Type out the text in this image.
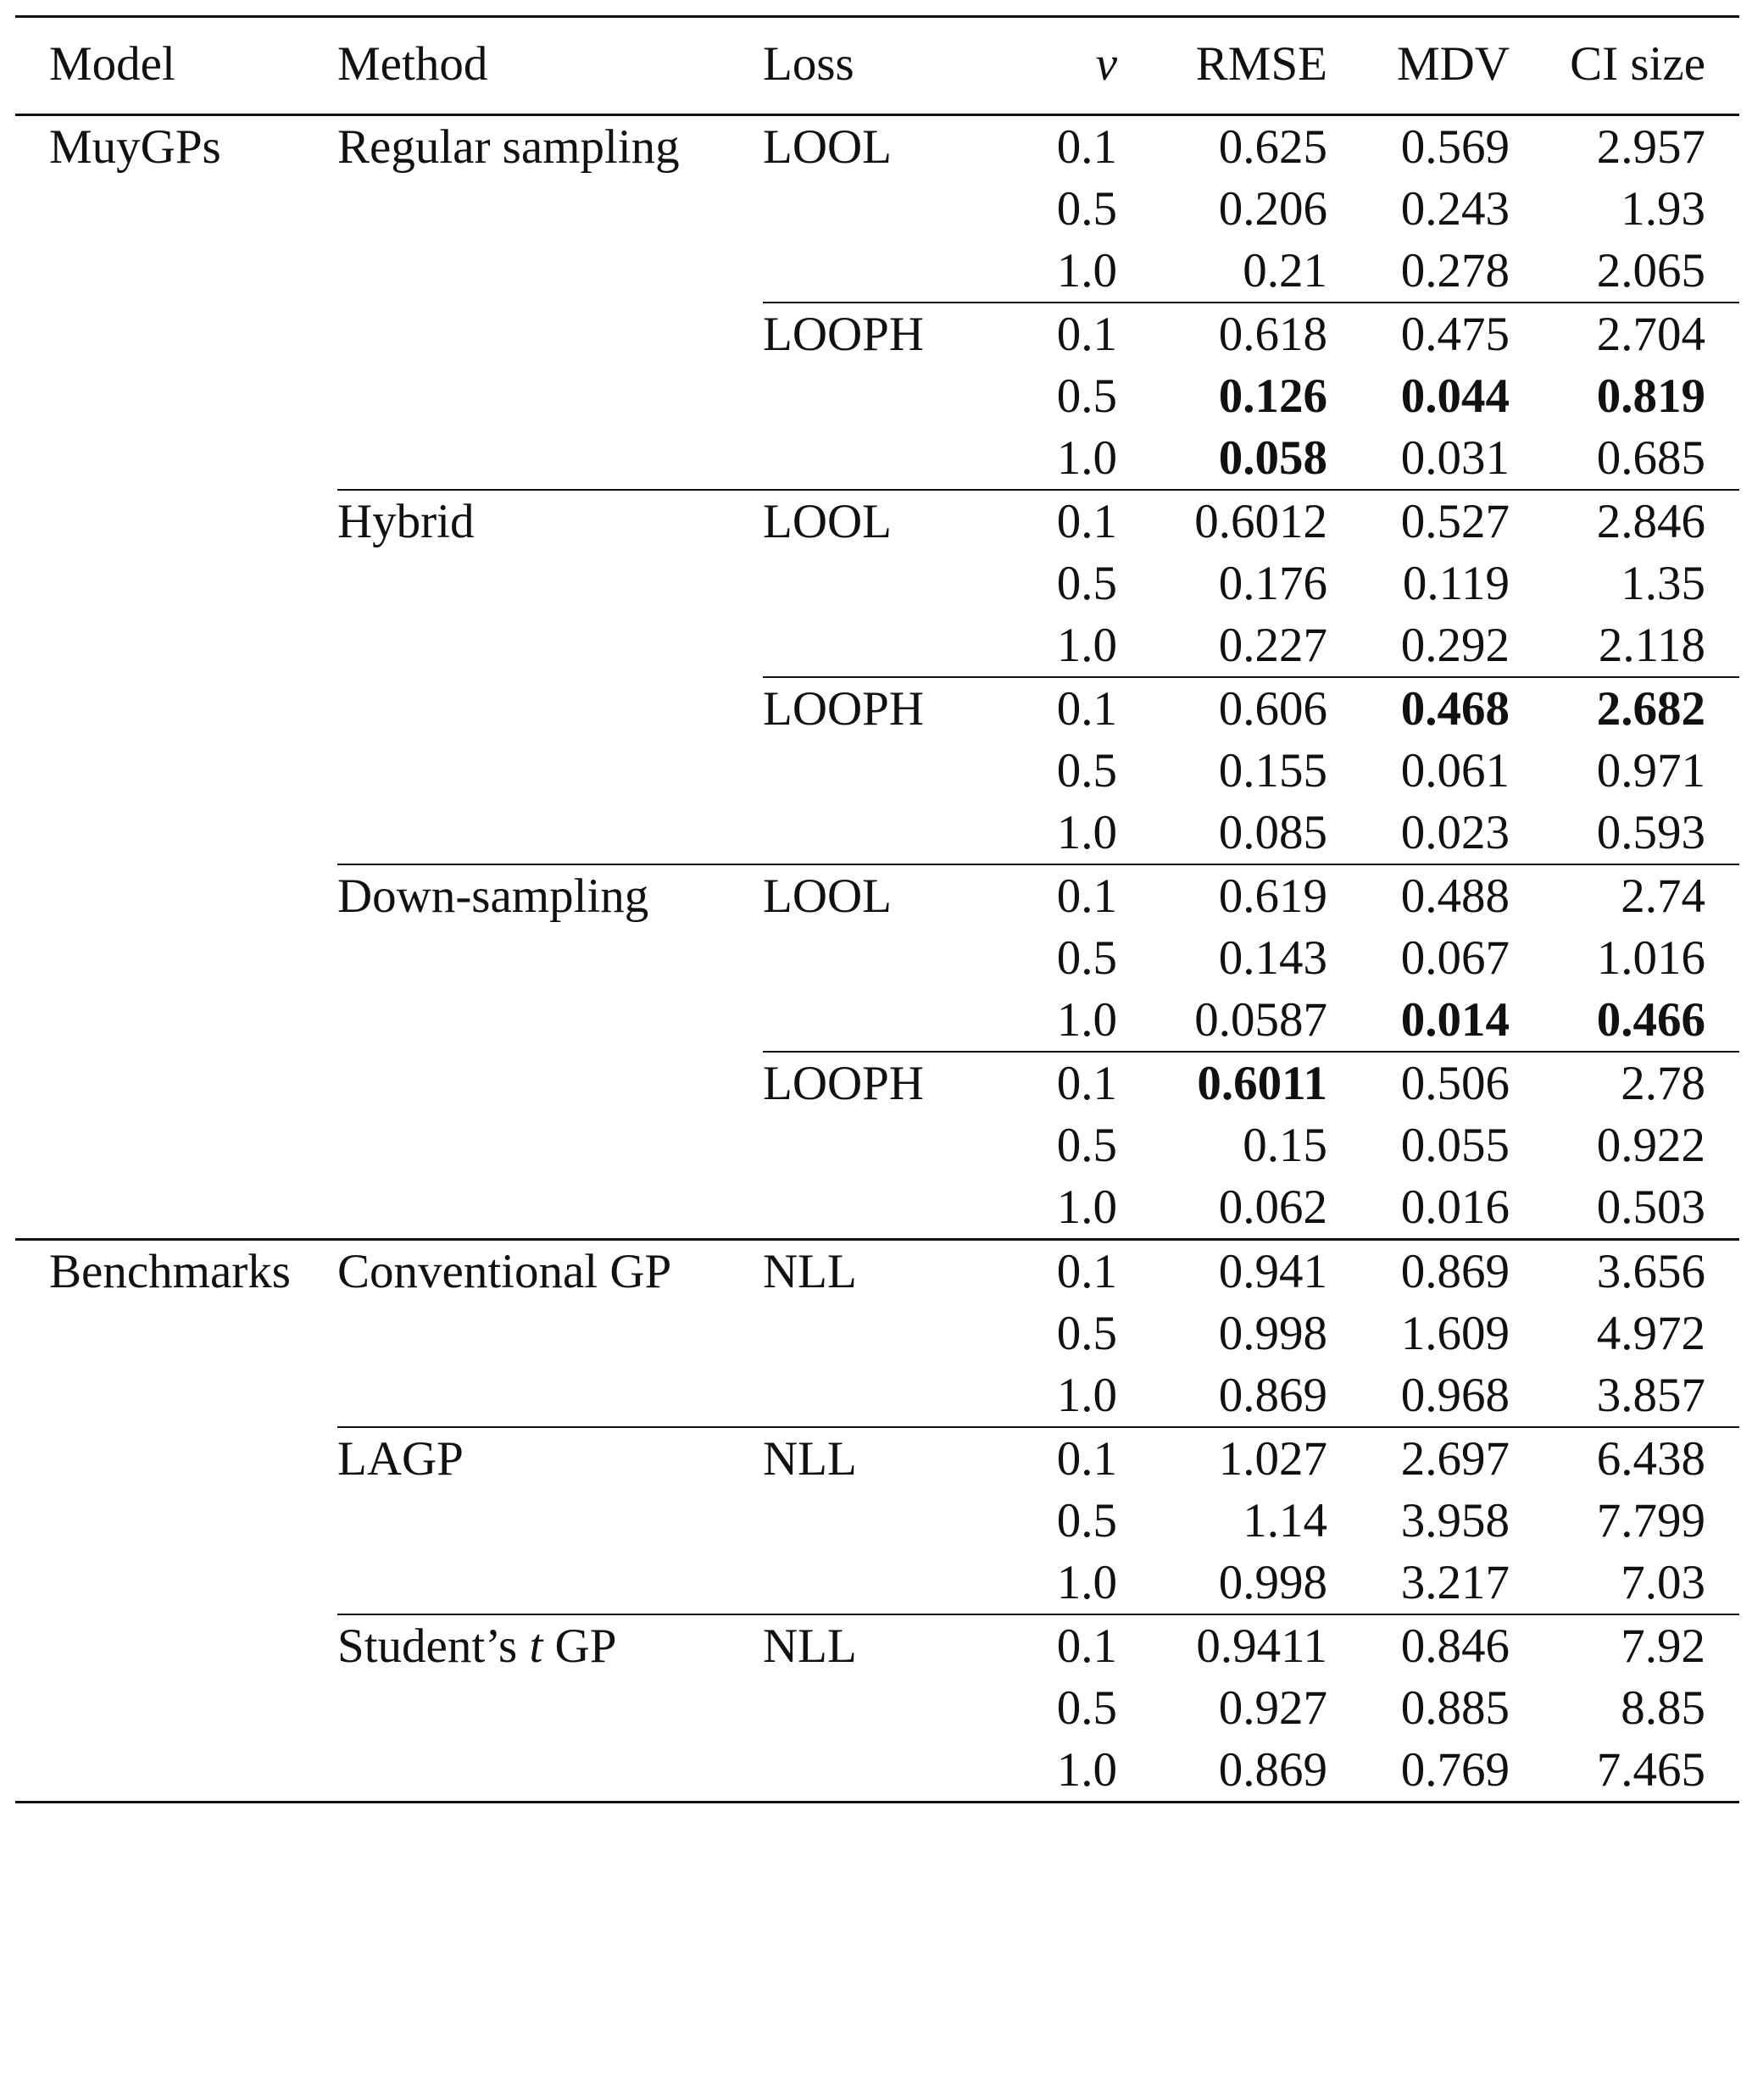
Model	Method	Loss	ν	RMSE	MDV	CI size
MuyGPs	Regular sampling	LOOL	0.1	0.625	0.569	2.957
			0.5	0.206	0.243	1.93
			1.0	0.21	0.278	2.065
		LOOPH	0.1	0.618	0.475	2.704
			0.5	0.126	0.044	0.819
			1.0	0.058	0.031	0.685
	Hybrid	LOOL	0.1	0.6012	0.527	2.846
			0.5	0.176	0.119	1.35
			1.0	0.227	0.292	2.118
		LOOPH	0.1	0.606	0.468	2.682
			0.5	0.155	0.061	0.971
			1.0	0.085	0.023	0.593
	Down-sampling	LOOL	0.1	0.619	0.488	2.74
			0.5	0.143	0.067	1.016
			1.0	0.0587	0.014	0.466
		LOOPH	0.1	0.6011	0.506	2.78
			0.5	0.15	0.055	0.922
			1.0	0.062	0.016	0.503
Benchmarks	Conventional GP	NLL	0.1	0.941	0.869	3.656
			0.5	0.998	1.609	4.972
			1.0	0.869	0.968	3.857
	LAGP	NLL	0.1	1.027	2.697	6.438
			0.5	1.14	3.958	7.799
			1.0	0.998	3.217	7.03
	Student’s t GP	NLL	0.1	0.9411	0.846	7.92
			0.5	0.927	0.885	8.85
			1.0	0.869	0.769	7.465
